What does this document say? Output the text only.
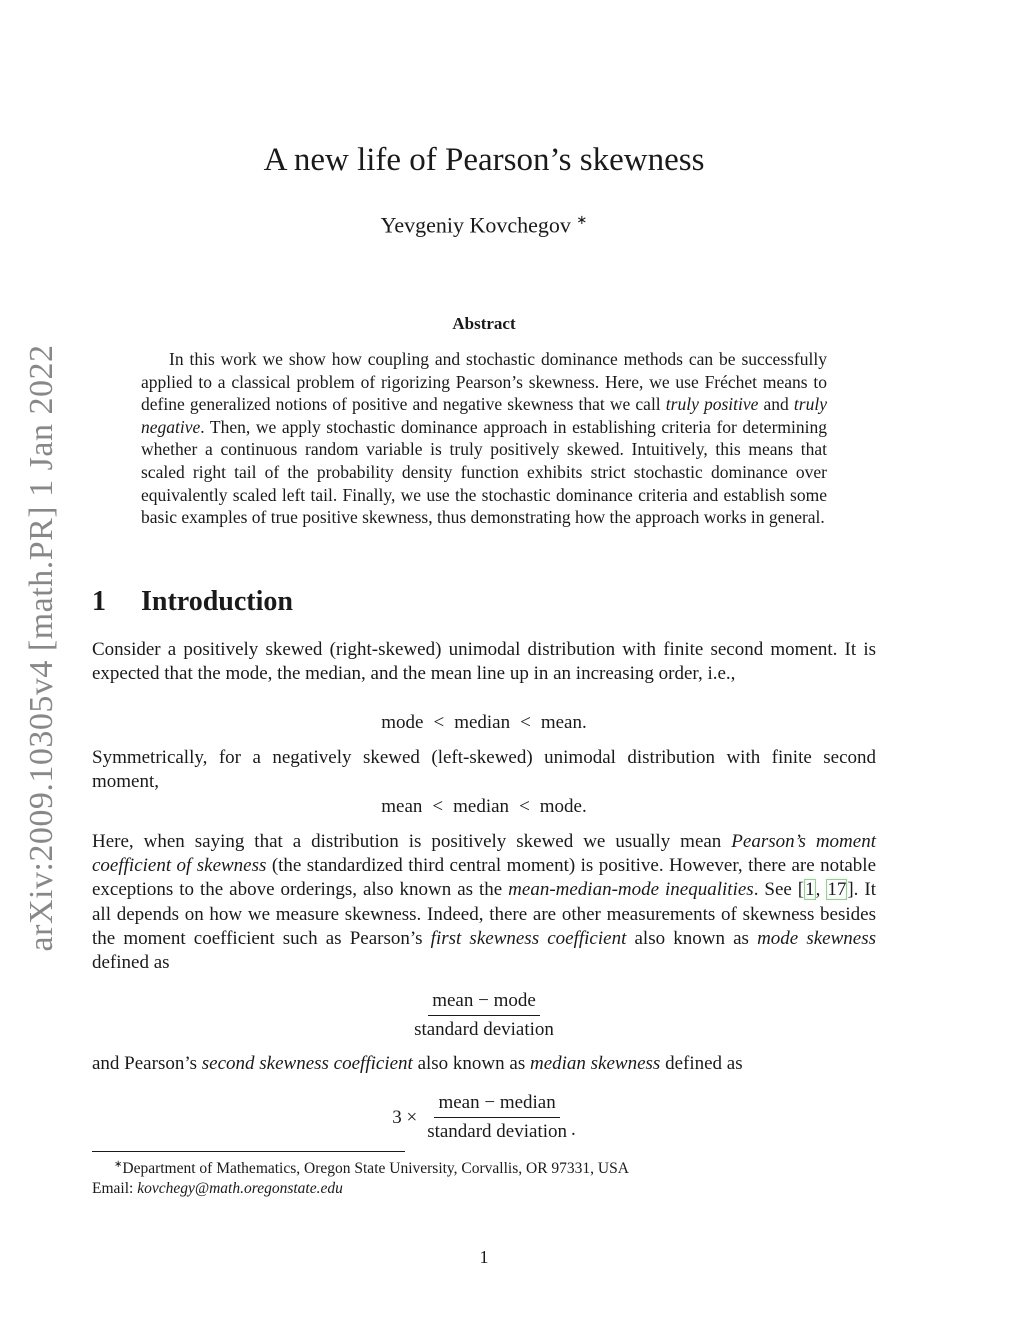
arXiv:2009.10305v4 [math.PR] 1 Jan 2022
A new life of Pearson’s skewness
Yevgeniy Kovchegov ∗
Abstract

In this work we show how coupling and stochastic dominance methods can be successfully applied to a classical problem of rigorizing Pearson’s skewness. Here, we use Fréchet means to define generalized notions of positive and negative skewness that we call truly positive and truly negative. Then, we apply stochastic dominance approach in establishing criteria for determining whether a continuous random variable is truly positively skewed. Intuitively, this means that scaled right tail of the probability density function exhibits strict stochastic dominance over equivalently scaled left tail. Finally, we use the stochastic dominance criteria and establish some basic examples of true positive skewness, thus demonstrating how the approach works in general.

1 Introduction

Consider a positively skewed (right-skewed) unimodal distribution with finite second moment. It is expected that the mode, the median, and the mean line up in an increasing order, i.e.,

mode < median < mean.

Symmetrically, for a negatively skewed (left-skewed) unimodal distribution with finite second moment,

mean < median < mode.

Here, when saying that a distribution is positively skewed we usually mean Pearson’s moment coefficient of skewness (the standardized third central moment) is positive. However, there are notable exceptions to the above orderings, also known as the mean-median-mode inequalities. See [1, 17]. It all depends on how we measure skewness. Indeed, there are other measurements of skewness besides the moment coefficient such as Pearson’s first skewness coefficient also known as mode skewness defined as

$\frac{\text{mean − mode}}{\text{standard deviation}}$

and Pearson’s second skewness coefficient also known as median skewness defined as

$3 \times \frac{\text{mean − median}}{\text{standard deviation}}$ .
∗Department of Mathematics, Oregon State University, Corvallis, OR 97331, USA
Email: kovchegy@math.oregonstate.edu
1
